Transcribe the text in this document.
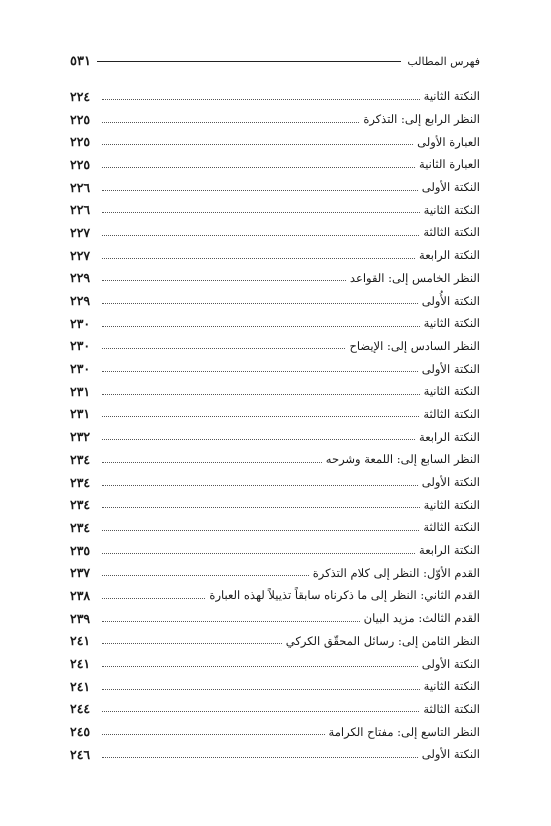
فهرس المطالب
٥٣١
النكتة الثانية
٢٢٤
النظر الرابع إلى: التذكرة
٢٢٥
العبارة الأولى
٢٢٥
العبارة الثانية
٢٢٥
النكتة الأولى
٢٢٦
النكتة الثانية
٢٢٦
النكتة الثالثة
٢٢٧
النكتة الرابعة
٢٢٧
النظر الخامس إلى: القواعد
٢٢٩
النكتة الأُولى
٢٢٩
النكتة الثانية
٢٣٠
النظر السادس إلى: الإيضاح
٢٣٠
النكتة الأولى
٢٣٠
النكتة الثانية
٢٣١
النكتة الثالثة
٢٣١
النكتة الرابعة
٢٣٢
النظر السابع إلى: اللمعة وشرحه
٢٣٤
النكتة الأولى
٢٣٤
النكتة الثانية
٢٣٤
النكتة الثالثة
٢٣٤
النكتة الرابعة
٢٣٥
القدم الأوّل: النظر إلى كلام التذكرة
٢٣٧
القدم الثاني: النظر إلى ما ذكرناه سابقاً تذييلاً لهذه العبارة
٢٣٨
القدم الثالث: مزيد البيان
٢٣٩
النظر الثامن إلى: رسائل المحقّق الكركي
٢٤١
النكتة الأولى
٢٤١
النكتة الثانية
٢٤١
النكتة الثالثة
٢٤٤
النظر التاسع إلى: مفتاح الكرامة
٢٤٥
النكتة الأولى
٢٤٦
